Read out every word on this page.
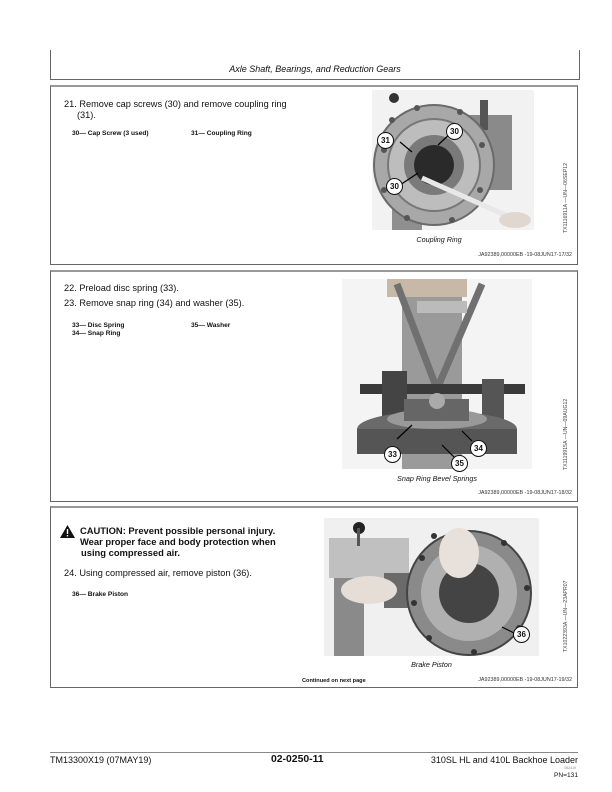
Axle Shaft, Bearings, and Reduction Gears
21. Remove cap screws (30) and remove coupling ring
(31).
30— Cap Screw (3 used)	31— Coupling Ring
31
30
30
Coupling Ring
TX1116911A —UN—06SEP12
JA92389,00000EB -19-08JUN17-17/32
22. Preload disc spring (33).
23. Remove snap ring (34) and washer (35).
33— Disc Spring
34— Snap Ring
35— Washer
33
34
35
Snap Ring Bevel Springs
TX1119915A —UN—09AUG12
JA92389,00000EB -19-08JUN17-18/32
CAUTION: Prevent possible personal injury.
Wear proper face and body protection when
using compressed air.
24. Using compressed air, remove piston (36).
36— Brake Piston
36
Brake Piston
TX1022393A —UN—23APR07
Continued on next page	JA92389,00000EB -19-08JUN17-19/32
TM13300X19 (07MAY19)	02-0250-11	310SL HL and 410L Backhoe Loader
052419
PN=131
